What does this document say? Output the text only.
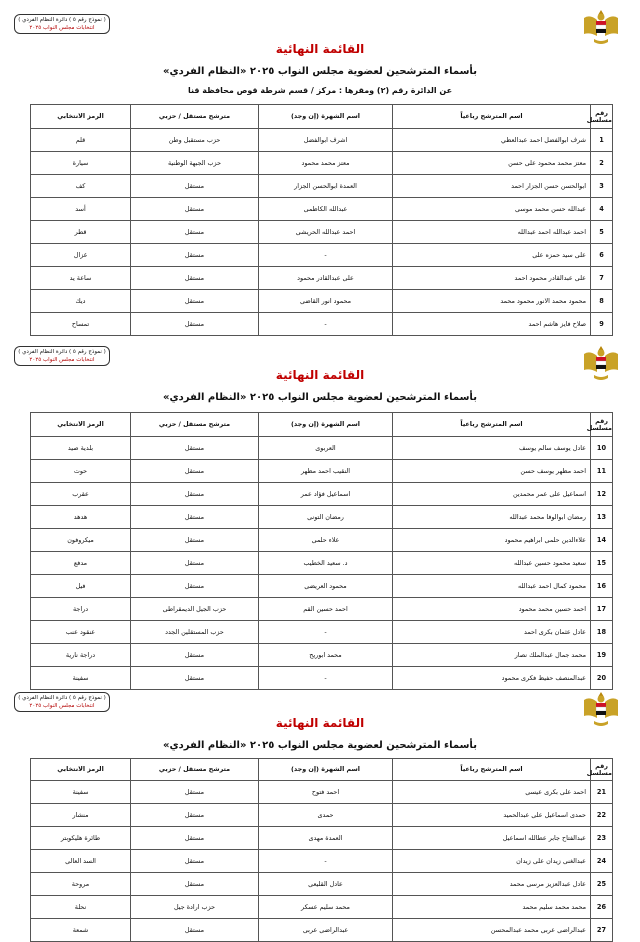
( نموذج رقم ٥ ) دائرة النظام الفردي )
انتخابات مجلس النواب ٢٠٢٥
القائمة النهائية
بأسماء المترشحين لعضوية مجلس النواب ٢٠٢٥ «النظام الفردي»
عن الدائرة رقم (٢) ومقرها : مركز / قسم شرطة قوص محافظة قنا
رقم مسلسل	اسم المترشح رباعياً	اسم الشهرة (إن وجد)	مترشح مستقل / حزبي	الرمز الانتخابي
1	شرف ابوالفضل احمد عبدالعظي	اشرف ابوالفضل	حزب مستقبل وطن	قلم
2	معتز محمد محمود على حسن	معتز محمد محمود	حزب الجبهة الوطنية	سيارة
3	ابوالحسن حسن الجزار احمد	العمدة ابوالحسن الجزار	مستقل	كف
4	عبدالله حسن محمد موسى	عبدالله الكاظمى	مستقل	أسد
5	احمد عبدالله احمد عبدالله	احمد عبدالله الحريشى	مستقل	قطر
6	على سيد حمزه على	-	مستقل	غزال
7	على عبدالقادر محمود احمد	على عبدالقادر محمود	مستقل	ساعة يد
8	محمود محمد الانور محمود محمد	محمود انور القاضى	مستقل	ديك
9	صلاح فايز هاشم احمد	-	مستقل	تمساح
( نموذج رقم ٥ ) دائرة النظام الفردي )
انتخابات مجلس النواب ٢٠٢٥
القائمة النهائية
بأسماء المترشحين لعضوية مجلس النواب ٢٠٢٥ «النظام الفردي»
رقم مسلسل	اسم المترشح رباعياً	اسم الشهرة (إن وجد)	مترشح مستقل / حزبي	الرمز الانتخابي
10	عادل يوسف سالم يوسف	العربوى	مستقل	بلدية صيد
11	احمد مظهر يوسف حسن	النقيب احمد مظهر	مستقل	حوت
12	اسماعيل على عمر محمدين	اسماعيل فؤاد عمر	مستقل	عقرب
13	رمضان ابوالوفا محمد عبدالله	رمضان التونى	مستقل	هدهد
14	علاءالدين حلمى ابراهيم محمود	علاء حلمى	مستقل	ميكروفون
15	سعيد محمود حسين عبدالله	د. سعيد الخطيب	مستقل	مدفع
16	محمود كمال احمد عبدالله	محمود العريضى	مستقل	فيل
17	احمد حسين محمد محمود	احمد حسين القم	حزب الجيل الديمقراطى	دراجة
18	عادل عثمان بكرى احمد	-	حزب المستقلين الجدد	عنقود عنب
19	محمد جمال عبدالملك نصار	محمد ابوريح	مستقل	دراجة نارية
20	عبدالمنصف حفيظ فكرى محمود	-	مستقل	سفينة
( نموذج رقم ٥ ) دائرة النظام الفردي )
انتخابات مجلس النواب ٢٠٢٥
القائمة النهائية
بأسماء المترشحين لعضوية مجلس النواب ٢٠٢٥ «النظام الفردي»
رقم مسلسل	اسم المترشح رباعياً	اسم الشهرة (إن وجد)	مترشح مستقل / حزبي	الرمز الانتخابي
21	احمد على بكرى عيسى	احمد فتوح	مستقل	سفينة
22	حمدى اسماعيل على عبدالحميد	حمدى	مستقل	منشار
23	عبدالفتاح جابر عطالله اسماعيل	العمدة مهدى	مستقل	طائرة هليكوبتر
24	عبدالغنى زيدان على زيدان	-	مستقل	السد العالى
25	عادل عبدالعزيز مرسى محمد	عادل القليعى	مستقل	مروحة
26	محمد محمد سليم محمد	محمد سليم عسكر	حزب ارادة جيل	نحلة
27	عبدالراضى عربى محمد عبدالمحسن	عبدالراضى عربى	مستقل	شمعة
